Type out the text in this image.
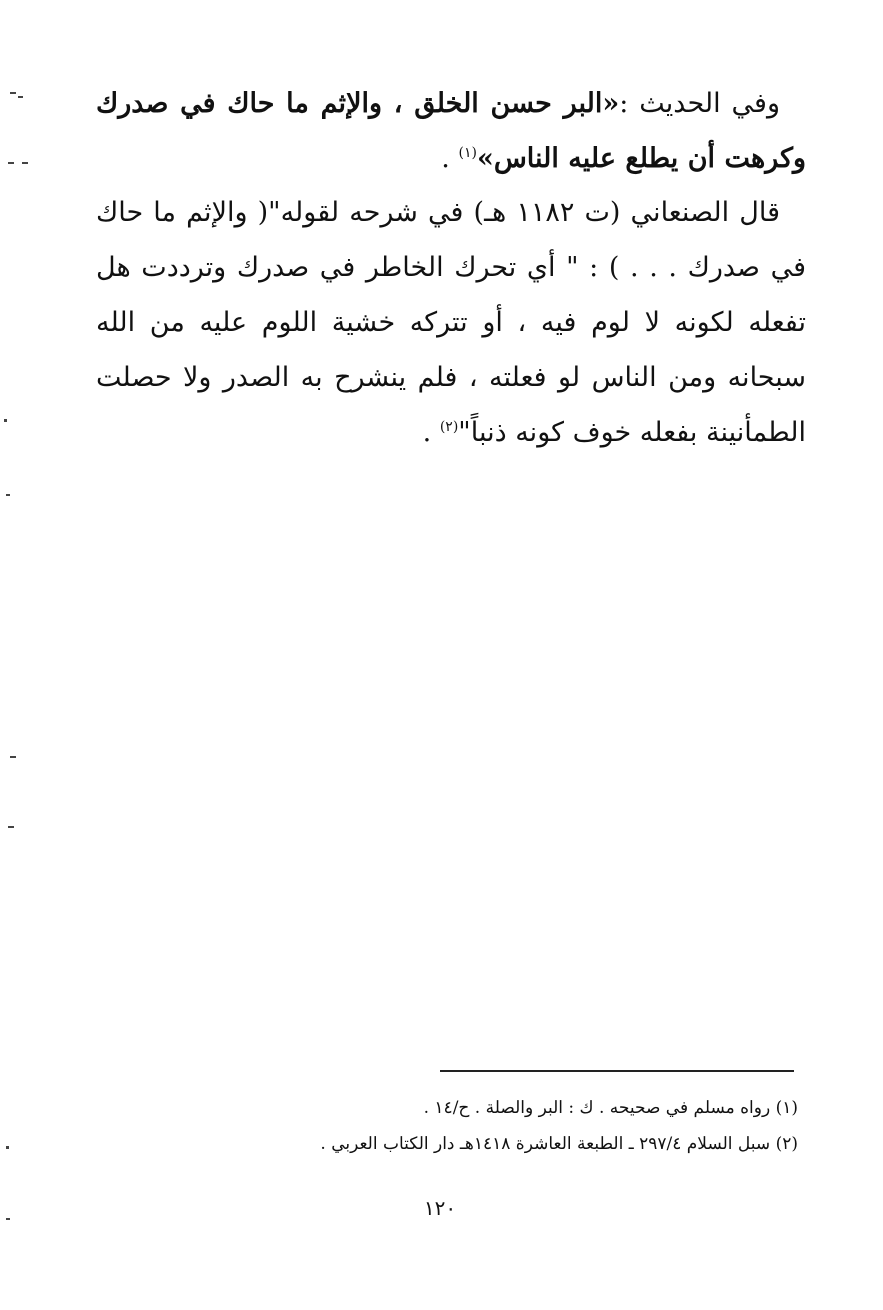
وفي الحديث :«البر حسن الخلق ، والإثم ما حاك في صدرك وكرهت أن يطلع عليه الناس»$^{(١)}$ .
قال الصنعاني (ت ١١٨٢ هـ) في شرحه لقوله"( والإثم ما حاك في صدرك . . . ) : " أي تحرك الخاطر في صدرك وترددت هل تفعله لكونه لا لوم فيه ، أو تتركه خشية اللوم عليه من الله سبحانه ومن الناس لو فعلته ، فلم ينشرح به الصدر ولا حصلت الطمأنينة بفعله خوف كونه ذنباً"$^{(٢)}$ .
(١) رواه مسلم في صحيحه . ك : البر والصلة . ح/١٤ .
(٢) سبل السلام ٢٩٧/٤ ـ الطبعة العاشرة ١٤١٨هـ دار الكتاب العربي .
١٢٠
